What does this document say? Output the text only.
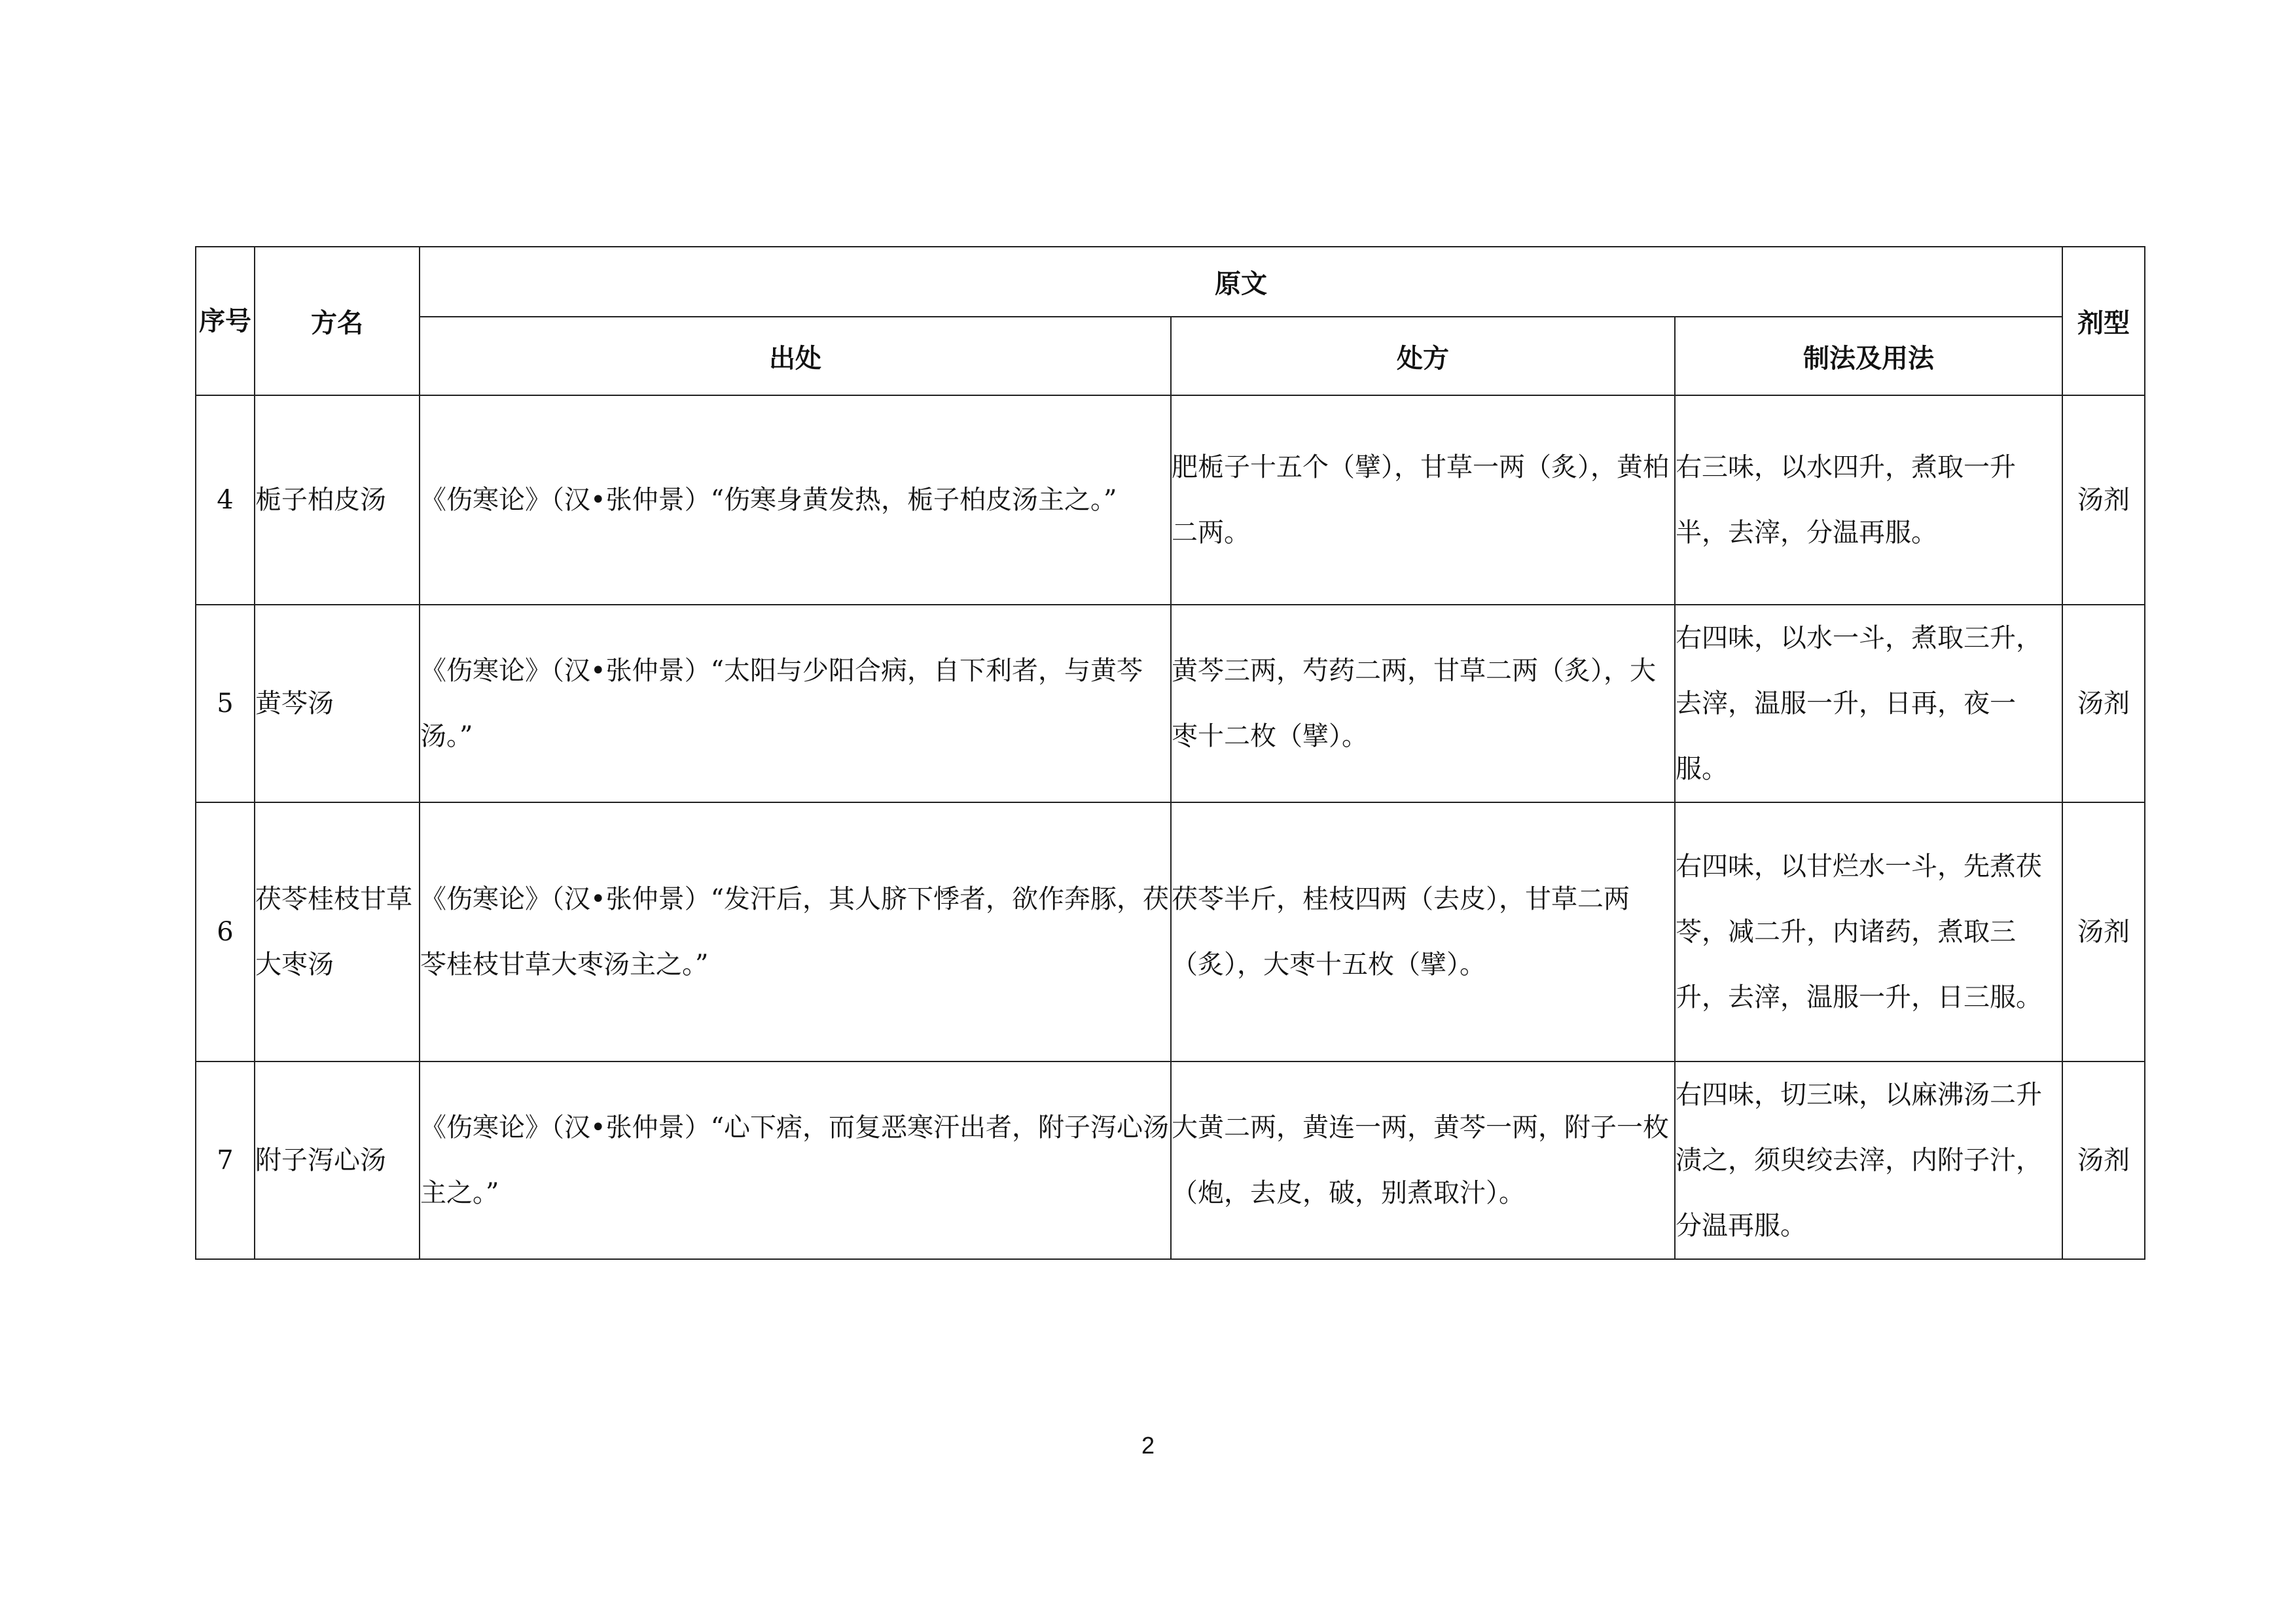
序号	方名	原文			剂型
		出处	处方	制法及用法	
4	栀子柏皮汤	《伤寒论》（汉•张仲景）“伤寒身黄发热，栀子柏皮汤主之。”	肥栀子十五个（擘），甘草一两（炙），黄柏二两。	右三味，以水四升，煮取一升半，去滓，分温再服。	汤剂
5	黄芩汤	《伤寒论》（汉•张仲景）“太阳与少阳合病，自下利者，与黄芩汤。”	黄芩三两，芍药二两，甘草二两（炙），大枣十二枚（擘）。	右四味，以水一斗，煮取三升，去滓，温服一升，日再，夜一服。	汤剂
6	茯苓桂枝甘草大枣汤	《伤寒论》（汉•张仲景）“发汗后，其人脐下悸者，欲作奔豚，茯苓桂枝甘草大枣汤主之。”	茯苓半斤，桂枝四两（去皮），甘草二两（炙），大枣十五枚（擘）。	右四味，以甘烂水一斗，先煮茯苓，减二升，内诸药，煮取三升，去滓，温服一升，日三服。	汤剂
7	附子泻心汤	《伤寒论》（汉•张仲景）“心下痞，而复恶寒汗出者，附子泻心汤主之。”	大黄二两，黄连一两，黄芩一两，附子一枚（炮，去皮，破，别煮取汁）。	右四味，切三味，以麻沸汤二升渍之，须臾绞去滓，内附子汁，分温再服。	汤剂
2
